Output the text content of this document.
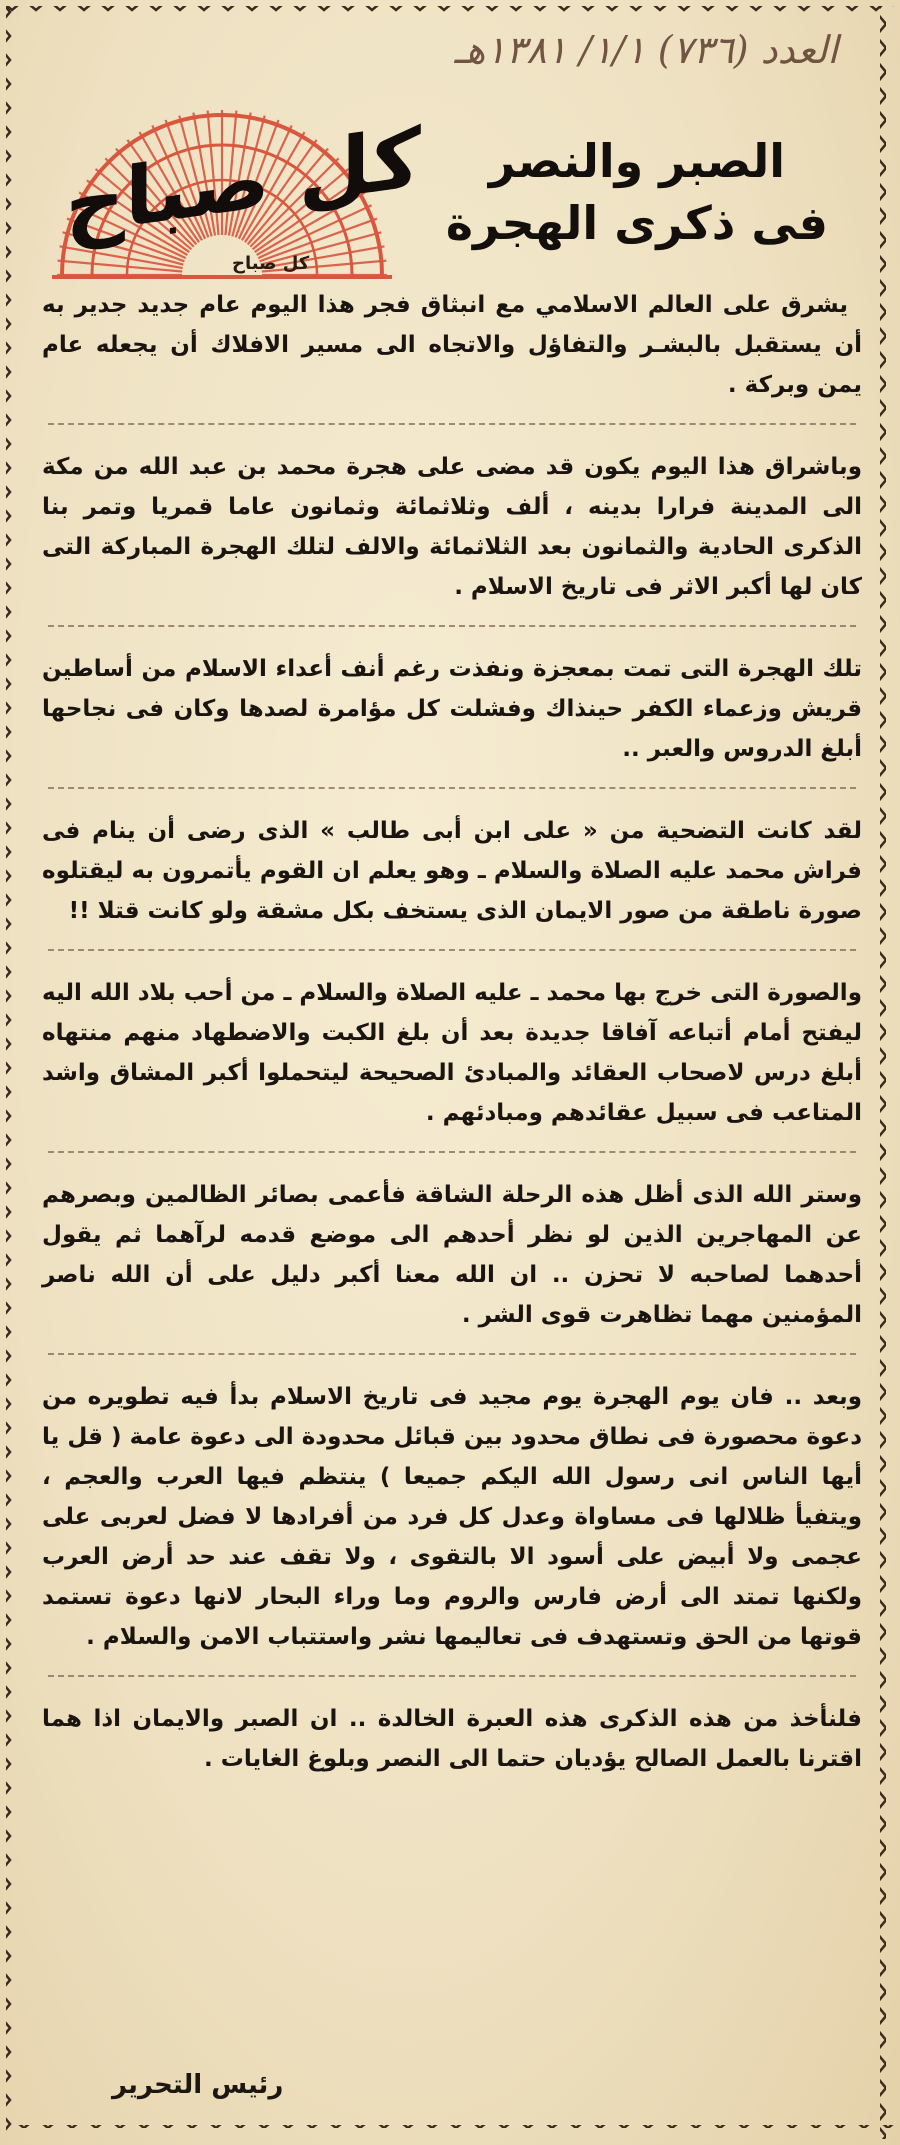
العدد (٧٣٦) ١/١/ ١٣٨١هـ
كل صباح
كل صباح
الصبر والنصر
فى ذكرى الهجرة

يشرق على العالم الاسلامي مع انبثاق فجر هذا اليوم عام جديد جدير به أن يستقبل بالبشـر والتفاؤل والاتجاه الى مسير الافلاك أن يجعله عام يمن وبركة .

وباشراق هذا اليوم يكون قد مضى على هجرة محمد بن عبد الله من مكة الى المدينة فرارا بدينه ، ألف وثلاثمائة وثمانون عاما قمريا وتمر بنا الذكرى الحادية والثمانون بعد الثلاثمائة والالف لتلك الهجرة المباركة التى كان لها أكبر الاثر فى تاريخ الاسلام .

تلك الهجرة التى تمت بمعجزة ونفذت رغم أنف أعداء الاسلام من أساطين قريش وزعماء الكفر حينذاك وفشلت كل مؤامرة لصدها وكان فى نجاحها أبلغ الدروس والعبر ..

لقد كانت التضحية من « على ابن أبى طالب » الذى رضى أن ينام فى فراش محمد عليه الصلاة والسلام ـ وهو يعلم ان القوم يأتمرون به ليقتلوه صورة ناطقة من صور الايمان الذى يستخف بكل مشقة ولو كانت قتلا !!

والصورة التى خرج بها محمد ـ عليه الصلاة والسلام ـ من أحب بلاد الله اليه ليفتح أمام أتباعه آفاقا جديدة بعد أن بلغ الكبت والاضطهاد منهم منتهاه أبلغ درس لاصحاب العقائد والمبادئ الصحيحة ليتحملوا أكبر المشاق واشد المتاعب فى سبيل عقائدهم ومبادئهم .

وستر الله الذى أظل هذه الرحلة الشاقة فأعمى بصائر الظالمين وبصرهم عن المهاجرين الذين لو نظر أحدهم الى موضع قدمه لرآهما ثم يقول أحدهما لصاحبه لا تحزن .. ان الله معنا أكبر دليل على أن الله ناصر المؤمنين مهما تظاهرت قوى الشر .

وبعد .. فان يوم الهجرة يوم مجيد فى تاريخ الاسلام بدأ فيه تطويره من دعوة محصورة فى نطاق محدود بين قبائل محدودة الى دعوة عامة ( قل يا أيها الناس انى رسول الله اليكم جميعا ) ينتظم فيها العرب والعجم ، ويتفيأ ظلالها فى مساواة وعدل كل فرد من أفرادها لا فضل لعربى على عجمى ولا أبيض على أسود الا بالتقوى ، ولا تقف عند حد أرض العرب ولكنها تمتد الى أرض فارس والروم وما وراء البحار لانها دعوة تستمد قوتها من الحق وتستهدف فى تعاليمها نشر واستتباب الامن والسلام .

فلنأخذ من هذه الذكرى هذه العبرة الخالدة .. ان الصبر والايمان اذا هما اقترنا بالعمل الصالح يؤديان حتما الى النصر وبلوغ الغايات .

رئيس التحرير
